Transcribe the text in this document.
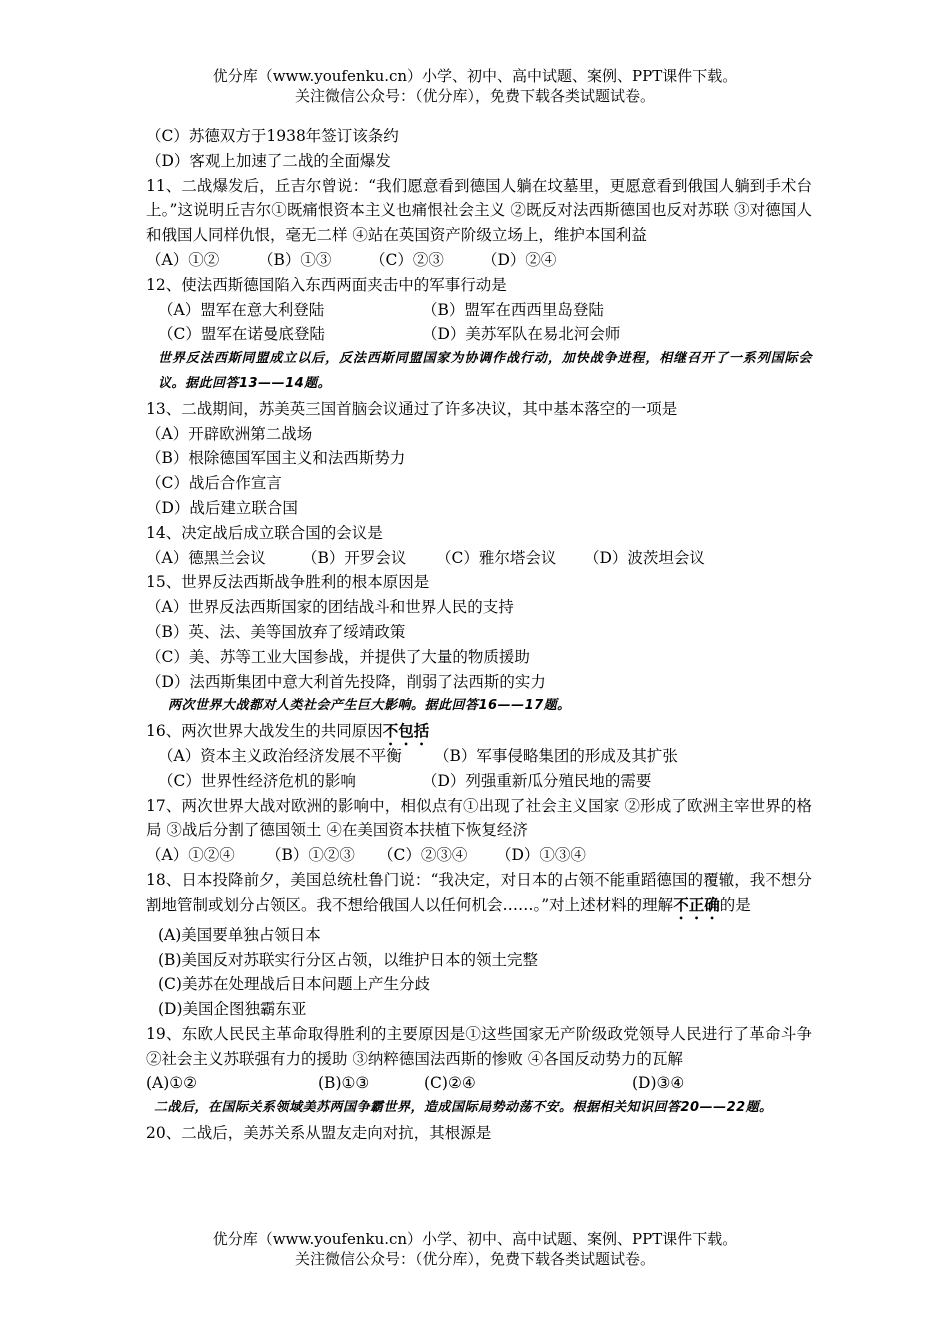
优分库（www.youfenku.cn）小学、初中、高中试题、案例、PPT课件下载。
关注微信公众号：（优分库），免费下载各类试题试卷。
（C）苏德双方于1938年签订该条约
（D）客观上加速了二战的全面爆发
11、二战爆发后，丘吉尔曾说：“我们愿意看到德国人躺在坟墓里，更愿意看到俄国人躺到手术台上。”这说明丘吉尔①既痛恨资本主义也痛恨社会主义 ②既反对法西斯德国也反对苏联 ③对德国人和俄国人同样仇恨，毫无二样 ④站在英国资产阶级立场上，维护本国利益
（A）①②	（B）①③ （C）②③ （D）②④
12、使法西斯德国陷入东西两面夹击中的军事行动是
（A）盟军在意大利登陆	（B）盟军在西西里岛登陆
（C）盟军在诺曼底登陆	（D）美苏军队在易北河会师
世界反法西斯同盟成立以后，反法西斯同盟国家为协调作战行动，加快战争进程，相继召开了一系列国际会议。据此回答13——14题。
13、二战期间，苏美英三国首脑会议通过了许多决议，其中基本落空的一项是
（A）开辟欧洲第二战场
（B）根除德国军国主义和法西斯势力
（C）战后合作宣言
（D）战后建立联合国
14、决定战后成立联合国的会议是
（A）德黑兰会议 （B）开罗会议 （C）雅尔塔会议 （D）波茨坦会议
15、世界反法西斯战争胜利的根本原因是
（A）世界反法西斯国家的团结战斗和世界人民的支持
（B）英、法、美等国放弃了绥靖政策
（C）美、苏等工业大国参战，并提供了大量的物质援助
（D）法西斯集团中意大利首先投降，削弱了法西斯的实力
两次世界大战都对人类社会产生巨大影响。据此回答16——17题。
16、两次世界大战发生的共同原因不包括
（A）资本主义政治经济发展不平衡 （B）军事侵略集团的形成及其扩张
（C）世界性经济危机的影响	（D）列强重新瓜分殖民地的需要
17、两次世界大战对欧洲的影响中，相似点有①出现了社会主义国家 ②形成了欧洲主宰世界的格局 ③战后分割了德国领土 ④在美国资本扶植下恢复经济
（A）①②④ （B）①②③ （C）②③④ （D）①③④
18、日本投降前夕，美国总统杜鲁门说：“我决定，对日本的占领不能重蹈德国的覆辙，我不想分割地管制或划分占领区。我不想给俄国人以任何机会……。”对上述材料的理解不正确的是
(A)美国要单独占领日本
(B)美国反对苏联实行分区占领，以维护日本的领土完整
(C)美苏在处理战后日本问题上产生分歧
(D)美国企图独霸东亚
19、东欧人民民主革命取得胜利的主要原因是①这些国家无产阶级政党领导人民进行了革命斗争 ②社会主义苏联强有力的援助 ③纳粹德国法西斯的惨败 ④各国反动势力的瓦解
(A)①②	(B)①③	(C)②④	(D)③④
二战后，在国际关系领域美苏两国争霸世界，造成国际局势动荡不安。根据相关知识回答20——22题。
20、二战后，美苏关系从盟友走向对抗，其根源是
优分库（www.youfenku.cn）小学、初中、高中试题、案例、PPT课件下载。
关注微信公众号：（优分库），免费下载各类试题试卷。
